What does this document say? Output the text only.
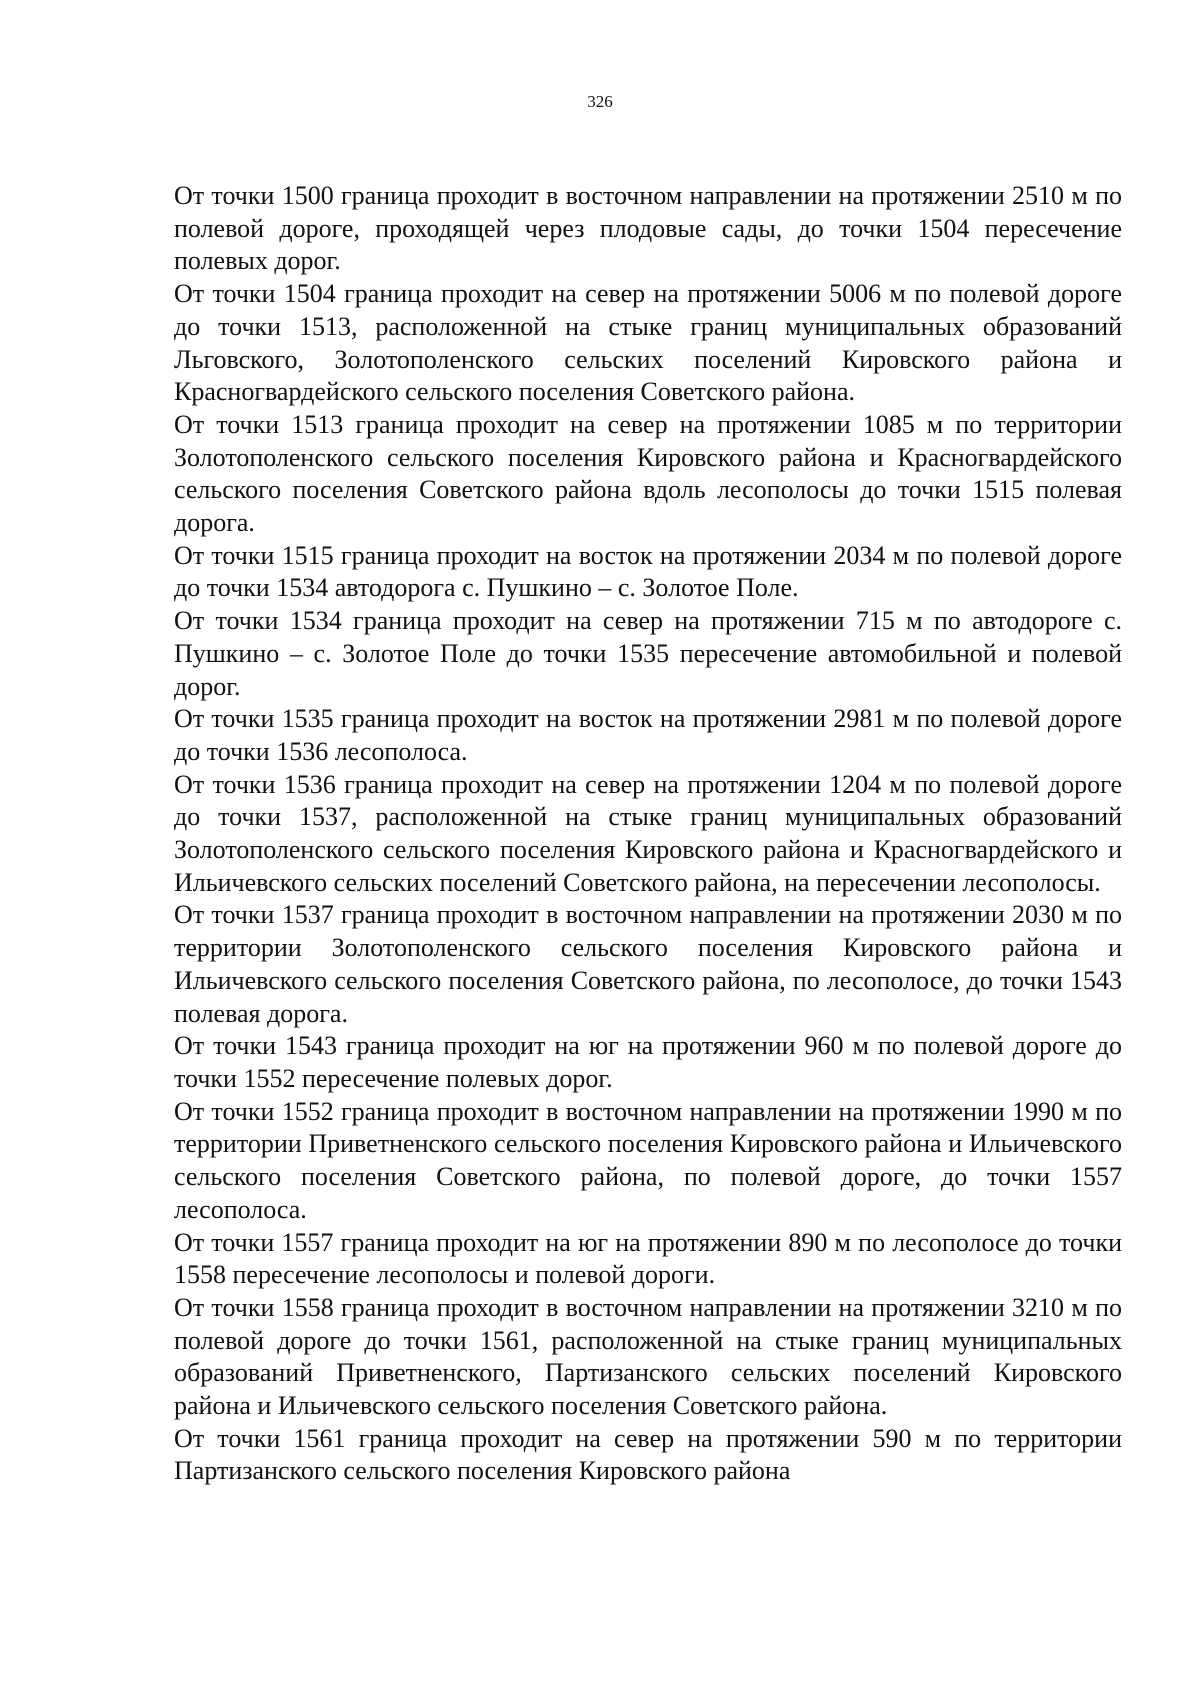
326

От точки 1500 граница проходит в восточном направлении на протяжении 2510 м по полевой дороге, проходящей через плодовые сады, до точки 1504 пересечение полевых дорог.

От точки 1504 граница проходит на север на протяжении 5006 м по полевой дороге до точки 1513, расположенной на стыке границ муниципальных образований Льговского, Золотополенского сельских поселений Кировского района и Красногвардейского сельского поселения Советского района.

От точки 1513 граница проходит на север на протяжении 1085 м по территории Золотополенского сельского поселения Кировского района и Красногвардейского сельского поселения Советского района вдоль лесополосы до точки 1515 полевая дорога.

От точки 1515 граница проходит на восток на протяжении 2034 м по полевой дороге до точки 1534 автодорога с. Пушкино – с. Золотое Поле.

От точки 1534 граница проходит на север на протяжении 715 м по автодороге с. Пушкино – с. Золотое Поле до точки 1535 пересечение автомобильной и полевой дорог.

От точки 1535 граница проходит на восток на протяжении 2981 м по полевой дороге до точки 1536 лесополоса.

От точки 1536 граница проходит на север на протяжении 1204 м по полевой дороге до точки 1537, расположенной на стыке границ муниципальных образований Золотополенского сельского поселения Кировского района и Красногвардейского и Ильичевского сельских поселений Советского района, на пересечении лесополосы.

От точки 1537 граница проходит в восточном направлении на протяжении 2030 м по территории Золотополенского сельского поселения Кировского района и Ильичевского сельского поселения Советского района, по лесополосе, до точки 1543 полевая дорога.

От точки 1543 граница проходит на юг на протяжении 960 м по полевой дороге до точки 1552 пересечение полевых дорог.

От точки 1552 граница проходит в восточном направлении на протяжении 1990 м по территории Приветненского сельского поселения Кировского района и Ильичевского сельского поселения Советского района, по полевой дороге, до точки 1557 лесополоса.

От точки 1557 граница проходит на юг на протяжении 890 м по лесополосе до точки 1558 пересечение лесополосы и полевой дороги.

От точки 1558 граница проходит в восточном направлении на протяжении 3210 м по полевой дороге до точки 1561, расположенной на стыке границ муниципальных образований Приветненского, Партизанского сельских поселений Кировского района и Ильичевского сельского поселения Советского района.

От точки 1561 граница проходит на север на протяжении 590 м по территории Партизанского сельского поселения Кировского района
